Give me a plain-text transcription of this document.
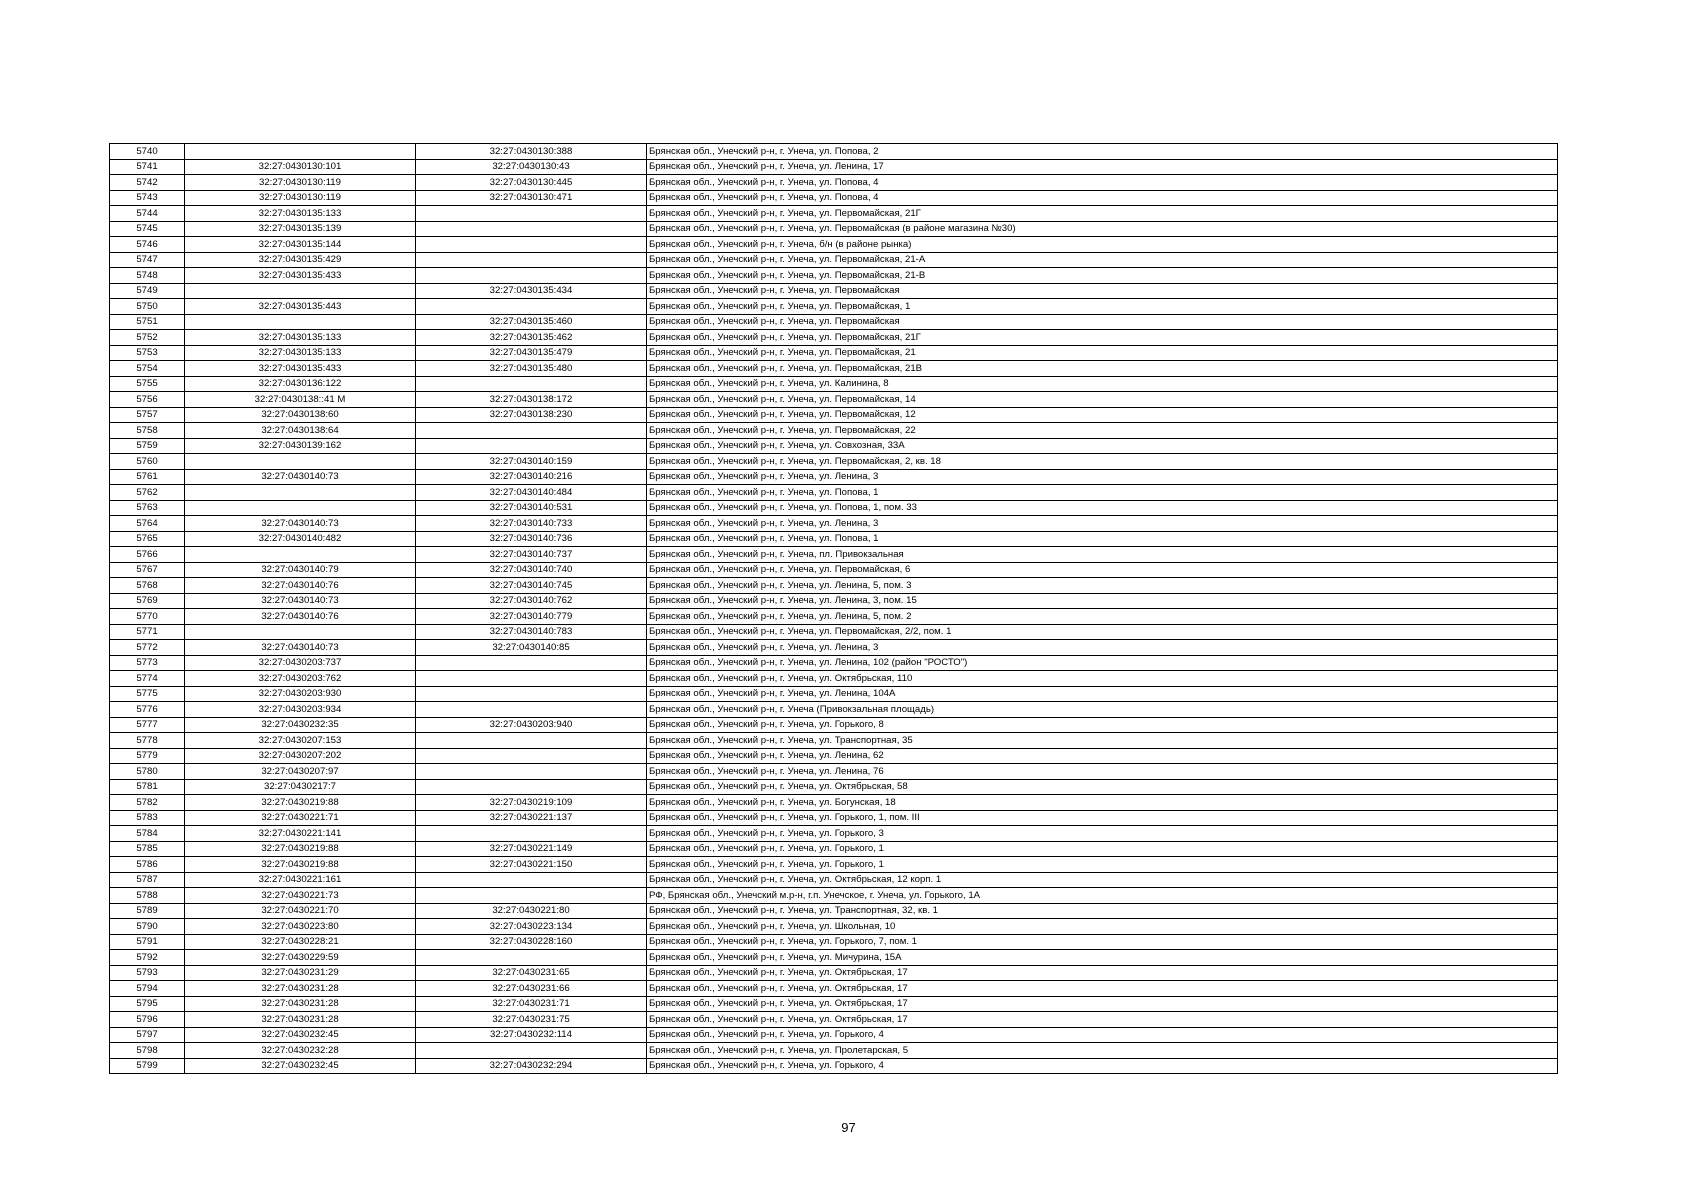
5740		32:27:0430130:388	Брянская обл., Унечский р-н, г. Унеча, ул. Попова, 2
5741	32:27:0430130:101	32:27:0430130:43	Брянская обл., Унечский р-н, г. Унеча, ул. Ленина, 17
5742	32:27:0430130:119	32:27:0430130:445	Брянская обл., Унечский р-н, г. Унеча, ул. Попова, 4
5743	32:27:0430130:119	32:27:0430130:471	Брянская обл., Унечский р-н, г. Унеча, ул. Попова, 4
5744	32:27:0430135:133		Брянская обл., Унечский р-н, г. Унеча, ул. Первомайская, 21Г
5745	32:27:0430135:139		Брянская обл., Унечский р-н, г. Унеча, ул. Первомайская (в районе магазина №30)
5746	32:27:0430135:144		Брянская обл., Унечский р-н, г. Унеча, б/н (в районе рынка)
5747	32:27:0430135:429		Брянская обл., Унечский р-н, г. Унеча, ул. Первомайская, 21-А
5748	32:27:0430135:433		Брянская обл., Унечский р-н, г. Унеча, ул. Первомайская, 21-В
5749		32:27:0430135:434	Брянская обл., Унечский р-н, г. Унеча, ул. Первомайская
5750	32:27:0430135:443		Брянская обл., Унечский р-н, г. Унеча, ул. Первомайская, 1
5751		32:27:0430135:460	Брянская обл., Унечский р-н, г. Унеча, ул. Первомайская
5752	32:27:0430135:133	32:27:0430135:462	Брянская обл., Унечский р-н, г. Унеча, ул. Первомайская, 21Г
5753	32:27:0430135:133	32:27:0430135:479	Брянская обл., Унечский р-н, г. Унеча, ул. Первомайская, 21
5754	32:27:0430135:433	32:27:0430135:480	Брянская обл., Унечский р-н, г. Унеча, ул. Первомайская, 21В
5755	32:27:0430136:122		Брянская обл., Унечский р-н, г. Унеча, ул. Калинина, 8
5756	32:27:0430138::41 М	32:27:0430138:172	Брянская обл., Унечский р-н, г. Унеча, ул. Первомайская, 14
5757	32:27:0430138:60	32:27:0430138:230	Брянская обл., Унечский р-н, г. Унеча, ул. Первомайская, 12
5758	32:27:0430138:64		Брянская обл., Унечский р-н, г. Унеча, ул. Первомайская, 22
5759	32:27:0430139:162		Брянская обл., Унечский р-н, г. Унеча, ул. Совхозная, 33А
5760		32:27:0430140:159	Брянская обл., Унечский р-н, г. Унеча, ул. Первомайская, 2, кв. 18
5761	32:27:0430140:73	32:27:0430140:216	Брянская обл., Унечский р-н, г. Унеча, ул. Ленина, 3
5762		32:27:0430140:484	Брянская обл., Унечский р-н, г. Унеча, ул. Попова, 1
5763		32:27:0430140:531	Брянская обл., Унечский р-н, г. Унеча, ул. Попова, 1, пом. 33
5764	32:27:0430140:73	32:27:0430140:733	Брянская обл., Унечский р-н, г. Унеча, ул. Ленина, 3
5765	32:27:0430140:482	32:27:0430140:736	Брянская обл., Унечский р-н, г. Унеча, ул. Попова, 1
5766		32:27:0430140:737	Брянская обл., Унечский р-н, г. Унеча, пл. Привокзальная
5767	32:27:0430140:79	32:27:0430140:740	Брянская обл., Унечский р-н, г. Унеча, ул. Первомайская, 6
5768	32:27:0430140:76	32:27:0430140:745	Брянская обл., Унечский р-н, г. Унеча, ул. Ленина, 5, пом. 3
5769	32:27:0430140:73	32:27:0430140:762	Брянская обл., Унечский р-н, г. Унеча, ул. Ленина, 3, пом. 15
5770	32:27:0430140:76	32:27:0430140:779	Брянская обл., Унечский р-н, г. Унеча, ул. Ленина, 5, пом. 2
5771		32:27:0430140:783	Брянская обл., Унечский р-н, г. Унеча, ул. Первомайская, 2/2, пом. 1
5772	32:27:0430140:73	32:27:0430140:85	Брянская обл., Унечский р-н, г. Унеча, ул. Ленина, 3
5773	32:27:0430203:737		Брянская обл., Унечский р-н, г. Унеча, ул. Ленина, 102 (район "РОСТО")
5774	32:27:0430203:762		Брянская обл., Унечский р-н, г. Унеча, ул. Октябрьская, 110
5775	32:27:0430203:930		Брянская обл., Унечский р-н, г. Унеча, ул. Ленина, 104А
5776	32:27:0430203:934		Брянская обл., Унечский р-н, г. Унеча (Привокзальная площадь)
5777	32:27:0430232:35	32:27:0430203:940	Брянская обл., Унечский р-н, г. Унеча, ул. Горького, 8
5778	32:27:0430207:153		Брянская обл., Унечский р-н, г. Унеча, ул. Транспортная, 35
5779	32:27:0430207:202		Брянская обл., Унечский р-н, г. Унеча, ул. Ленина, 62
5780	32:27:0430207:97		Брянская обл., Унечский р-н, г. Унеча, ул. Ленина, 76
5781	32:27:0430217:7		Брянская обл., Унечский р-н, г. Унеча, ул. Октябрьская, 58
5782	32:27:0430219:88	32:27:0430219:109	Брянская обл., Унечский р-н, г. Унеча, ул. Богунская, 18
5783	32:27:0430221:71	32:27:0430221:137	Брянская обл., Унечский р-н, г. Унеча, ул. Горького, 1, пом. III
5784	32:27:0430221:141		Брянская обл., Унечский р-н, г. Унеча, ул. Горького, 3
5785	32:27:0430219:88	32:27:0430221:149	Брянская обл., Унечский р-н, г. Унеча, ул. Горького, 1
5786	32:27:0430219:88	32:27:0430221:150	Брянская обл., Унечский р-н, г. Унеча, ул. Горького, 1
5787	32:27:0430221:161		Брянская обл., Унечский р-н, г. Унеча, ул. Октябрьская, 12 корп. 1
5788	32:27:0430221:73		РФ, Брянская обл., Унечский м.р-н, г.п. Унечское, г. Унеча, ул. Горького, 1А
5789	32:27:0430221:70	32:27:0430221:80	Брянская обл., Унечский р-н, г. Унеча, ул. Транспортная, 32, кв. 1
5790	32:27:0430223:80	32:27:0430223:134	Брянская обл., Унечский р-н, г. Унеча, ул. Школьная, 10
5791	32:27:0430228:21	32:27:0430228:160	Брянская обл., Унечский р-н, г. Унеча, ул. Горького, 7, пом. 1
5792	32:27:0430229:59		Брянская обл., Унечский р-н, г. Унеча, ул. Мичурина, 15А
5793	32:27:0430231:29	32:27:0430231:65	Брянская обл., Унечский р-н, г. Унеча, ул. Октябрьская, 17
5794	32:27:0430231:28	32:27:0430231:66	Брянская обл., Унечский р-н, г. Унеча, ул. Октябрьская, 17
5795	32:27:0430231:28	32:27:0430231:71	Брянская обл., Унечский р-н, г. Унеча, ул. Октябрьская, 17
5796	32:27:0430231:28	32:27:0430231:75	Брянская обл., Унечский р-н, г. Унеча, ул. Октябрьская, 17
5797	32:27:0430232:45	32:27:0430232:114	Брянская обл., Унечский р-н, г. Унеча, ул. Горького, 4
5798	32:27:0430232:28		Брянская обл., Унечский р-н, г. Унеча, ул. Пролетарская, 5
5799	32:27:0430232:45	32:27:0430232:294	Брянская обл., Унечский р-н, г. Унеча, ул. Горького, 4
97
